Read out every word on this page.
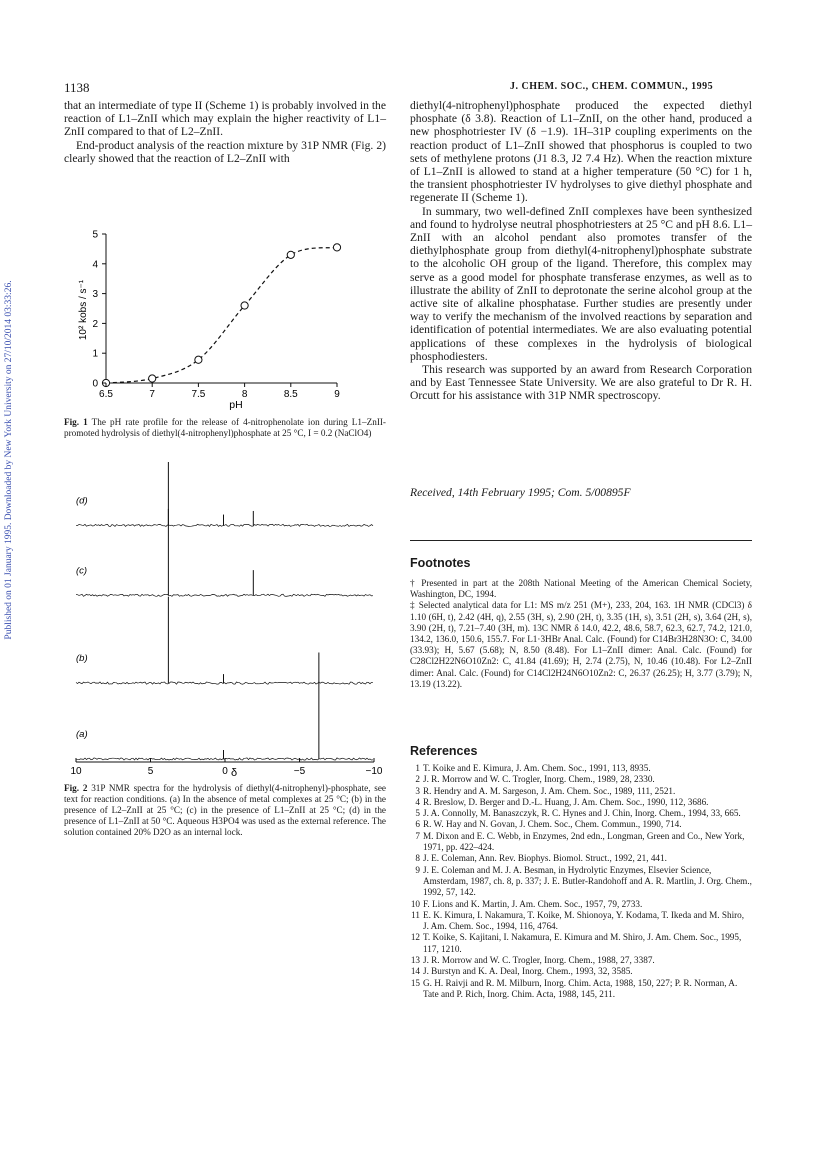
Published on 01 January 1995. Downloaded by New York University on 27/10/2014 03:33:26.
1138	J. CHEM. SOC., CHEM. COMMUN., 1995

that an intermediate of type II (Scheme 1) is probably involved in the reaction of L1–ZnII which may explain the higher reactivity of L1–ZnII compared to that of L2–ZnII.

End-product analysis of the reaction mixture by 31P NMR (Fig. 2) clearly showed that the reaction of L2–ZnII with

6.5	7	7.5	8	8.5	9
0
1
2
3
4
5
pH
10² kobs / s⁻¹
Fig. 1 The pH rate profile for the release of 4-nitrophenolate ion during L1–ZnII-promoted hydrolysis of diethyl(4-nitrophenyl)phosphate at 25 °C, I = 0.2 (NaClO4)
(d)
(c)
(b)
(a)
10	5	0	−5	−10
δ
Fig. 2 31P NMR spectra for the hydrolysis of diethyl(4-nitrophenyl)-phosphate, see text for reaction conditions. (a) In the absence of metal complexes at 25 °C; (b) in the presence of L2–ZnII at 25 °C; (c) in the presence of L1–ZnII at 25 °C; (d) in the presence of L1–ZnII at 50 °C. Aqueous H3PO4 was used as the external reference. The solution contained 20% D2O as an internal lock.

diethyl(4-nitrophenyl)phosphate produced the expected diethyl phosphate (δ 3.8). Reaction of L1–ZnII, on the other hand, produced a new phosphotriester IV (δ −1.9). 1H–31P coupling experiments on the reaction product of L1–ZnII showed that phosphorus is coupled to two sets of methylene protons (J1 8.3, J2 7.4 Hz). When the reaction mixture of L1–ZnII is allowed to stand at a higher temperature (50 °C) for 1 h, the transient phosphotriester IV hydrolyses to give diethyl phosphate and regenerate II (Scheme 1).

In summary, two well-defined ZnII complexes have been synthesized and found to hydrolyse neutral phosphotriesters at 25 °C and pH 8.6. L1–ZnII with an alcohol pendant also promotes transfer of the diethylphosphate group from diethyl(4-nitrophenyl)phosphate substrate to the alcoholic OH group of the ligand. Therefore, this complex may serve as a good model for phosphate transferase enzymes, as well as to illustrate the ability of ZnII to deprotonate the serine alcohol group at the active site of alkaline phosphatase. Further studies are presently under way to verify the mechanism of the involved reactions by separation and identification of potential intermediates. We are also evaluating potential applications of these complexes in the hydrolysis of biological phosphodiesters.

This research was supported by an award from Research Corporation and by East Tennessee State University. We are also grateful to Dr R. H. Orcutt for his assistance with 31P NMR spectroscopy.

Received, 14th February 1995; Com. 5/00895F
Footnotes

† Presented in part at the 208th National Meeting of the American Chemical Society, Washington, DC, 1994.

‡ Selected analytical data for L1: MS m/z 251 (M+), 233, 204, 163. 1H NMR (CDCl3) δ 1.10 (6H, t), 2.42 (4H, q), 2.55 (3H, s), 2.90 (2H, t), 3.35 (1H, s), 3.51 (2H, s), 3.64 (2H, s), 3.90 (2H, t), 7.21–7.40 (3H, m). 13C NMR δ 14.0, 42.2, 48.6, 58.7, 62.3, 62.7, 74.2, 121.0, 134.2, 136.0, 150.6, 155.7. For L1·3HBr Anal. Calc. (Found) for C14Br3H28N3O: C, 34.00 (33.93); H, 5.67 (5.68); N, 8.50 (8.48). For L1–ZnII dimer: Anal. Calc. (Found) for C28Cl2H22N6O10Zn2: C, 41.84 (41.69); H, 2.74 (2.75), N, 10.46 (10.48). For L2–ZnII dimer: Anal. Calc. (Found) for C14Cl2H24N6O10Zn2: C, 26.37 (26.25); H, 3.77 (3.79); N, 13.19 (13.22).

References
1 T. Koike and E. Kimura, J. Am. Chem. Soc., 1991, 113, 8935.
2 J. R. Morrow and W. C. Trogler, Inorg. Chem., 1989, 28, 2330.
3 R. Hendry and A. M. Sargeson, J. Am. Chem. Soc., 1989, 111, 2521.
4 R. Breslow, D. Berger and D.-L. Huang, J. Am. Chem. Soc., 1990, 112, 3686.
5 J. A. Connolly, M. Banaszczyk, R. C. Hynes and J. Chin, Inorg. Chem., 1994, 33, 665.
6 R. W. Hay and N. Govan, J. Chem. Soc., Chem. Commun., 1990, 714.
7 M. Dixon and E. C. Webb, in Enzymes, 2nd edn., Longman, Green and Co., New York, 1971, pp. 422–424.
8 J. E. Coleman, Ann. Rev. Biophys. Biomol. Struct., 1992, 21, 441.
9 J. E. Coleman and M. J. A. Besman, in Hydrolytic Enzymes, Elsevier Science, Amsterdam, 1987, ch. 8, p. 337; J. E. Butler-Randohoff and A. R. Martlin, J. Org. Chem., 1992, 57, 142.
10 F. Lions and K. Martin, J. Am. Chem. Soc., 1957, 79, 2733.
11 E. K. Kimura, I. Nakamura, T. Koike, M. Shionoya, Y. Kodama, T. Ikeda and M. Shiro, J. Am. Chem. Soc., 1994, 116, 4764.
12 T. Koike, S. Kajitani, I. Nakamura, E. Kimura and M. Shiro, J. Am. Chem. Soc., 1995, 117, 1210.
13 J. R. Morrow and W. C. Trogler, Inorg. Chem., 1988, 27, 3387.
14 J. Burstyn and K. A. Deal, Inorg. Chem., 1993, 32, 3585.
15 G. H. Raivji and R. M. Milburn, Inorg. Chim. Acta, 1988, 150, 227; P. R. Norman, A. Tate and P. Rich, Inorg. Chim. Acta, 1988, 145, 211.
